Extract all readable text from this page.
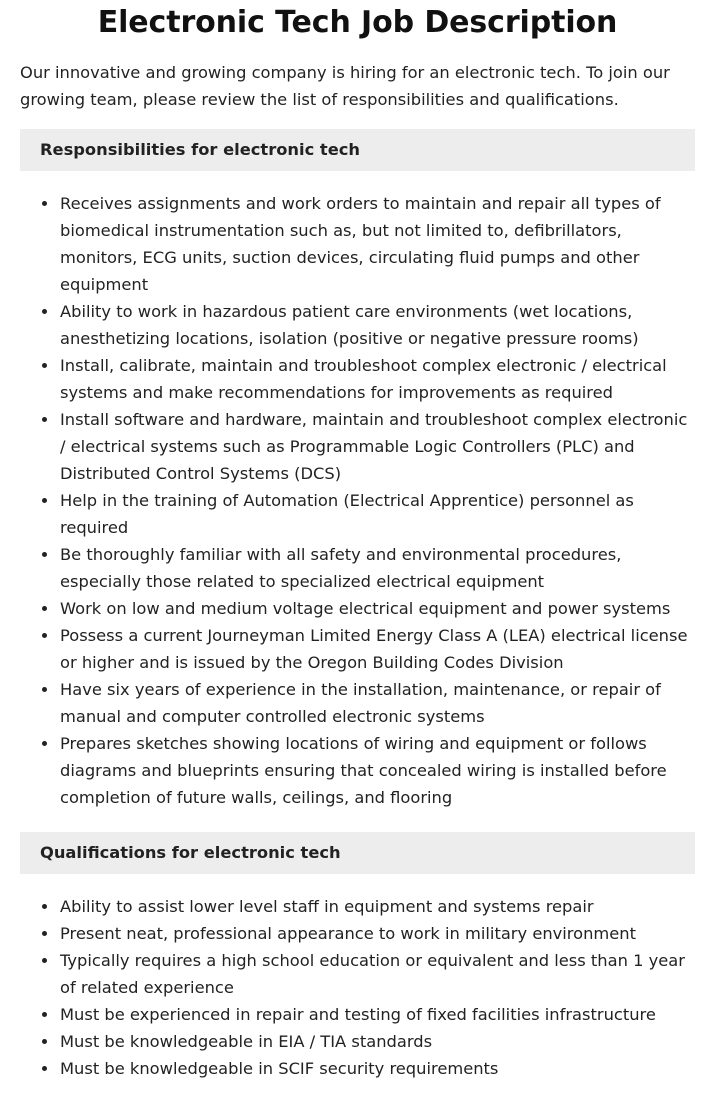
Electronic Tech Job Description

Our innovative and growing company is hiring for an electronic tech. To join our growing team, please review the list of responsibilities and qualifications.

Responsibilities for electronic tech
Receives assignments and work orders to maintain and repair all types of biomedical instrumentation such as, but not limited to, defibrillators, monitors, ECG units, suction devices, circulating fluid pumps and other equipment
Ability to work in hazardous patient care environments (wet locations, anesthetizing locations, isolation (positive or negative pressure rooms)
Install, calibrate, maintain and troubleshoot complex electronic / electrical systems and make recommendations for improvements as required
Install software and hardware, maintain and troubleshoot complex electronic / electrical systems such as Programmable Logic Controllers (PLC) and Distributed Control Systems (DCS)
Help in the training of Automation (Electrical Apprentice) personnel as required
Be thoroughly familiar with all safety and environmental procedures, especially those related to specialized electrical equipment
Work on low and medium voltage electrical equipment and power systems
Possess a current Journeyman Limited Energy Class A (LEA) electrical license or higher and is issued by the Oregon Building Codes Division
Have six years of experience in the installation, maintenance, or repair of manual and computer controlled electronic systems
Prepares sketches showing locations of wiring and equipment or follows diagrams and blueprints ensuring that concealed wiring is installed before completion of future walls, ceilings, and flooring
Qualifications for electronic tech
Ability to assist lower level staff in equipment and systems repair
Present neat, professional appearance to work in military environment
Typically requires a high school education or equivalent and less than 1 year of related experience
Must be experienced in repair and testing of fixed facilities infrastructure
Must be knowledgeable in EIA / TIA standards
Must be knowledgeable in SCIF security requirements
